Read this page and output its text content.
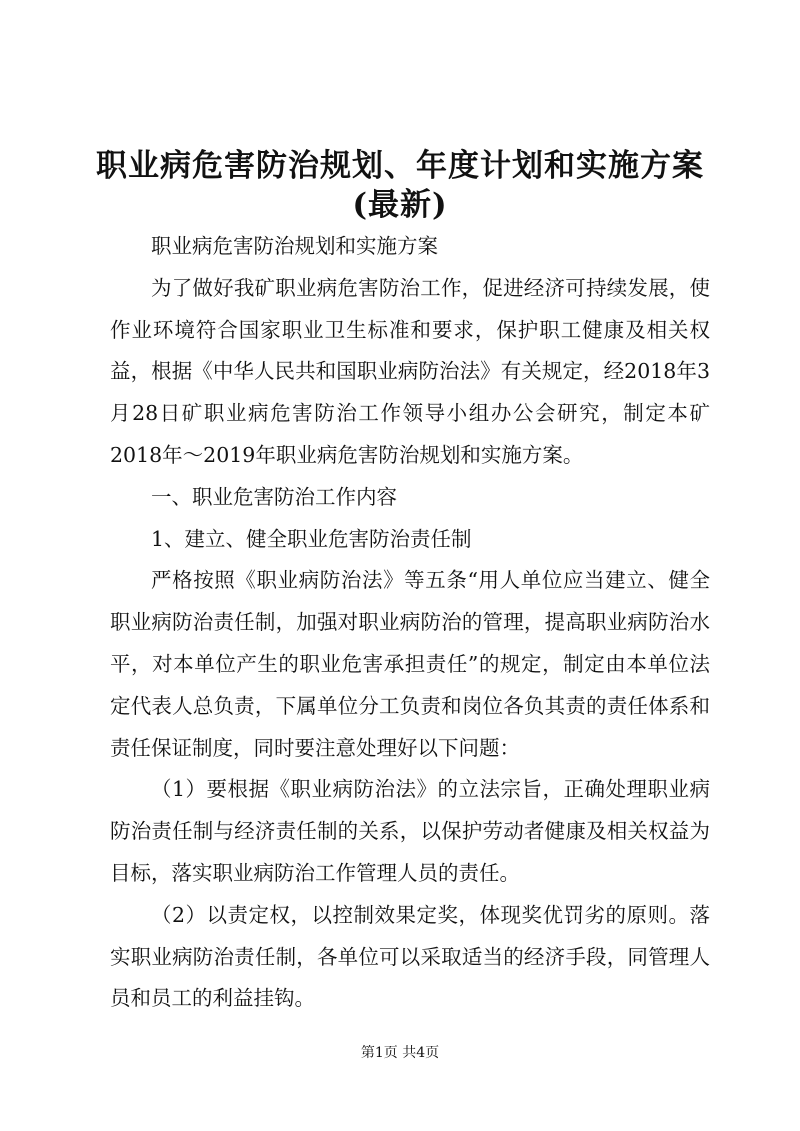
职业病危害防治规划、年度计划和实施方案
(最新)

职业病危害防治规划和实施方案

为了做好我矿职业病危害防治工作，促进经济可持续发展，使作业环境符合国家职业卫生标准和要求，保护职工健康及相关权益，根据《中华人民共和国职业病防治法》有关规定，经2018年3月28日矿职业病危害防治工作领导小组办公会研究，制定本矿2018年～2019年职业病危害防治规划和实施方案。

一、职业危害防治工作内容

1、建立、健全职业危害防治责任制

严格按照《职业病防治法》等五条“用人单位应当建立、健全职业病防治责任制，加强对职业病防治的管理，提高职业病防治水平，对本单位产生的职业危害承担责任”的规定，制定由本单位法定代表人总负责，下属单位分工负责和岗位各负其责的责任体系和责任保证制度，同时要注意处理好以下问题：

（1）要根据《职业病防治法》的立法宗旨，正确处理职业病防治责任制与经济责任制的关系，以保护劳动者健康及相关权益为目标，落实职业病防治工作管理人员的责任。

（2）以责定权，以控制效果定奖，体现奖优罚劣的原则。落实职业病防治责任制，各单位可以采取适当的经济手段，同管理人员和员工的利益挂钩。

第1页 共4页
